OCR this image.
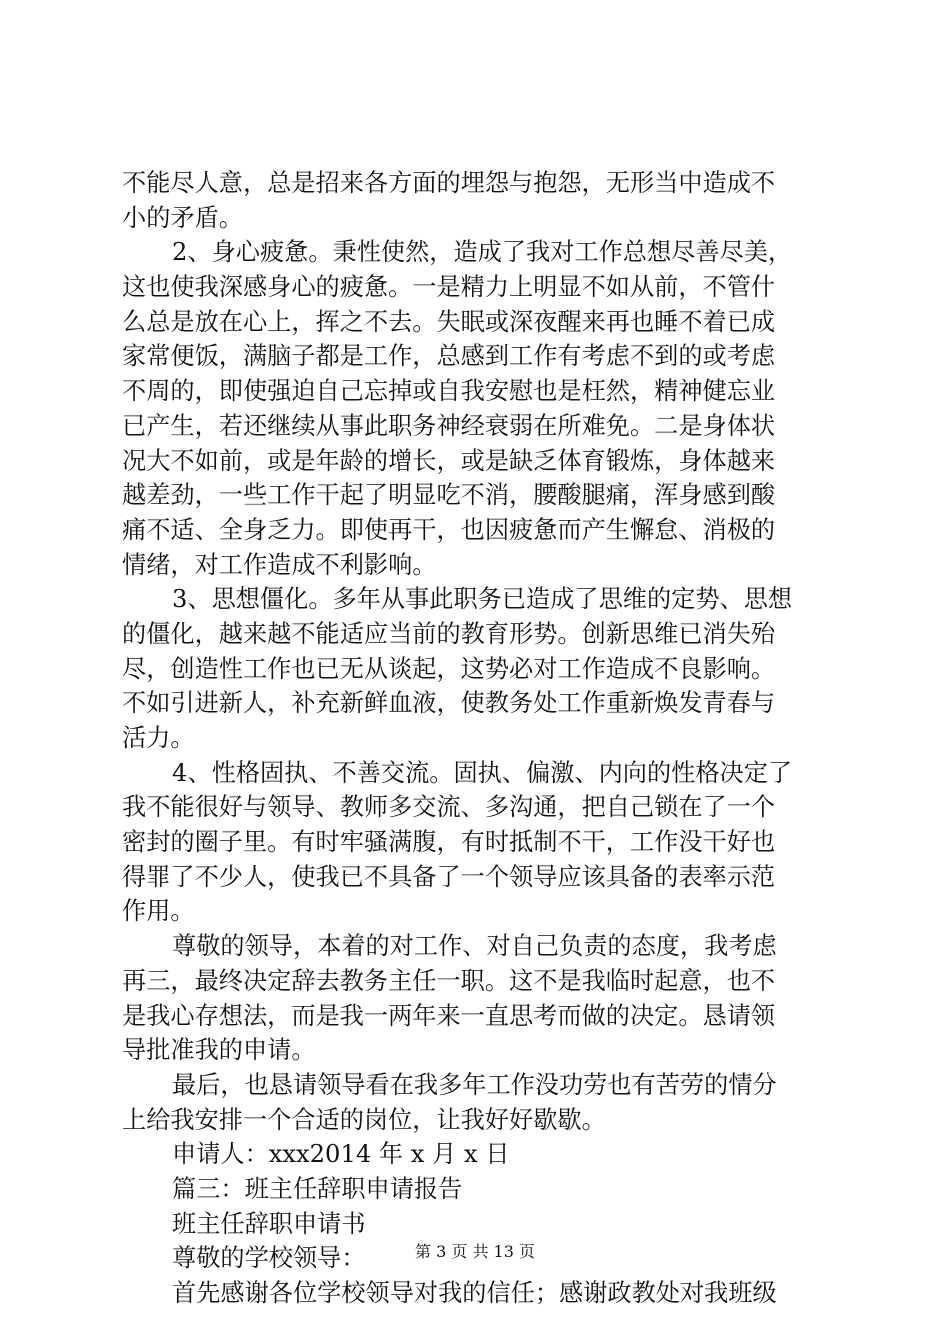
不能尽人意，总是招来各方面的埋怨与抱怨，无形当中造成不
小的矛盾。
2、身心疲惫。秉性使然，造成了我对工作总想尽善尽美，
这也使我深感身心的疲惫。一是精力上明显不如从前，不管什
么总是放在心上，挥之不去。失眠或深夜醒来再也睡不着已成
家常便饭，满脑子都是工作，总感到工作有考虑不到的或考虑
不周的，即使强迫自己忘掉或自我安慰也是枉然，精神健忘业
已产生，若还继续从事此职务神经衰弱在所难免。二是身体状
况大不如前，或是年龄的增长，或是缺乏体育锻炼，身体越来
越差劲，一些工作干起了明显吃不消，腰酸腿痛，浑身感到酸
痛不适、全身乏力。即使再干，也因疲惫而产生懈怠、消极的
情绪，对工作造成不利影响。
3、思想僵化。多年从事此职务已造成了思维的定势、思想
的僵化，越来越不能适应当前的教育形势。创新思维已消失殆
尽，创造性工作也已无从谈起，这势必对工作造成不良影响。
不如引进新人，补充新鲜血液，使教务处工作重新焕发青春与
活力。
4、性格固执、不善交流。固执、偏激、内向的性格决定了
我不能很好与领导、教师多交流、多沟通，把自己锁在了一个
密封的圈子里。有时牢骚满腹，有时抵制不干，工作没干好也
得罪了不少人，使我已不具备了一个领导应该具备的表率示范
作用。
尊敬的领导，本着的对工作、对自己负责的态度，我考虑
再三，最终决定辞去教务主任一职。这不是我临时起意，也不
是我心存想法，而是我一两年来一直思考而做的决定。恳请领
导批准我的申请。
最后，也恳请领导看在我多年工作没功劳也有苦劳的情分
上给我安排一个合适的岗位，让我好好歇歇。
申请人：xxx2014 年 x 月 x 日
篇三：班主任辞职申请报告
班主任辞职申请书
尊敬的学校领导：
首先感谢各位学校领导对我的信任；感谢政教处对我班级
第 3 页 共 13 页
